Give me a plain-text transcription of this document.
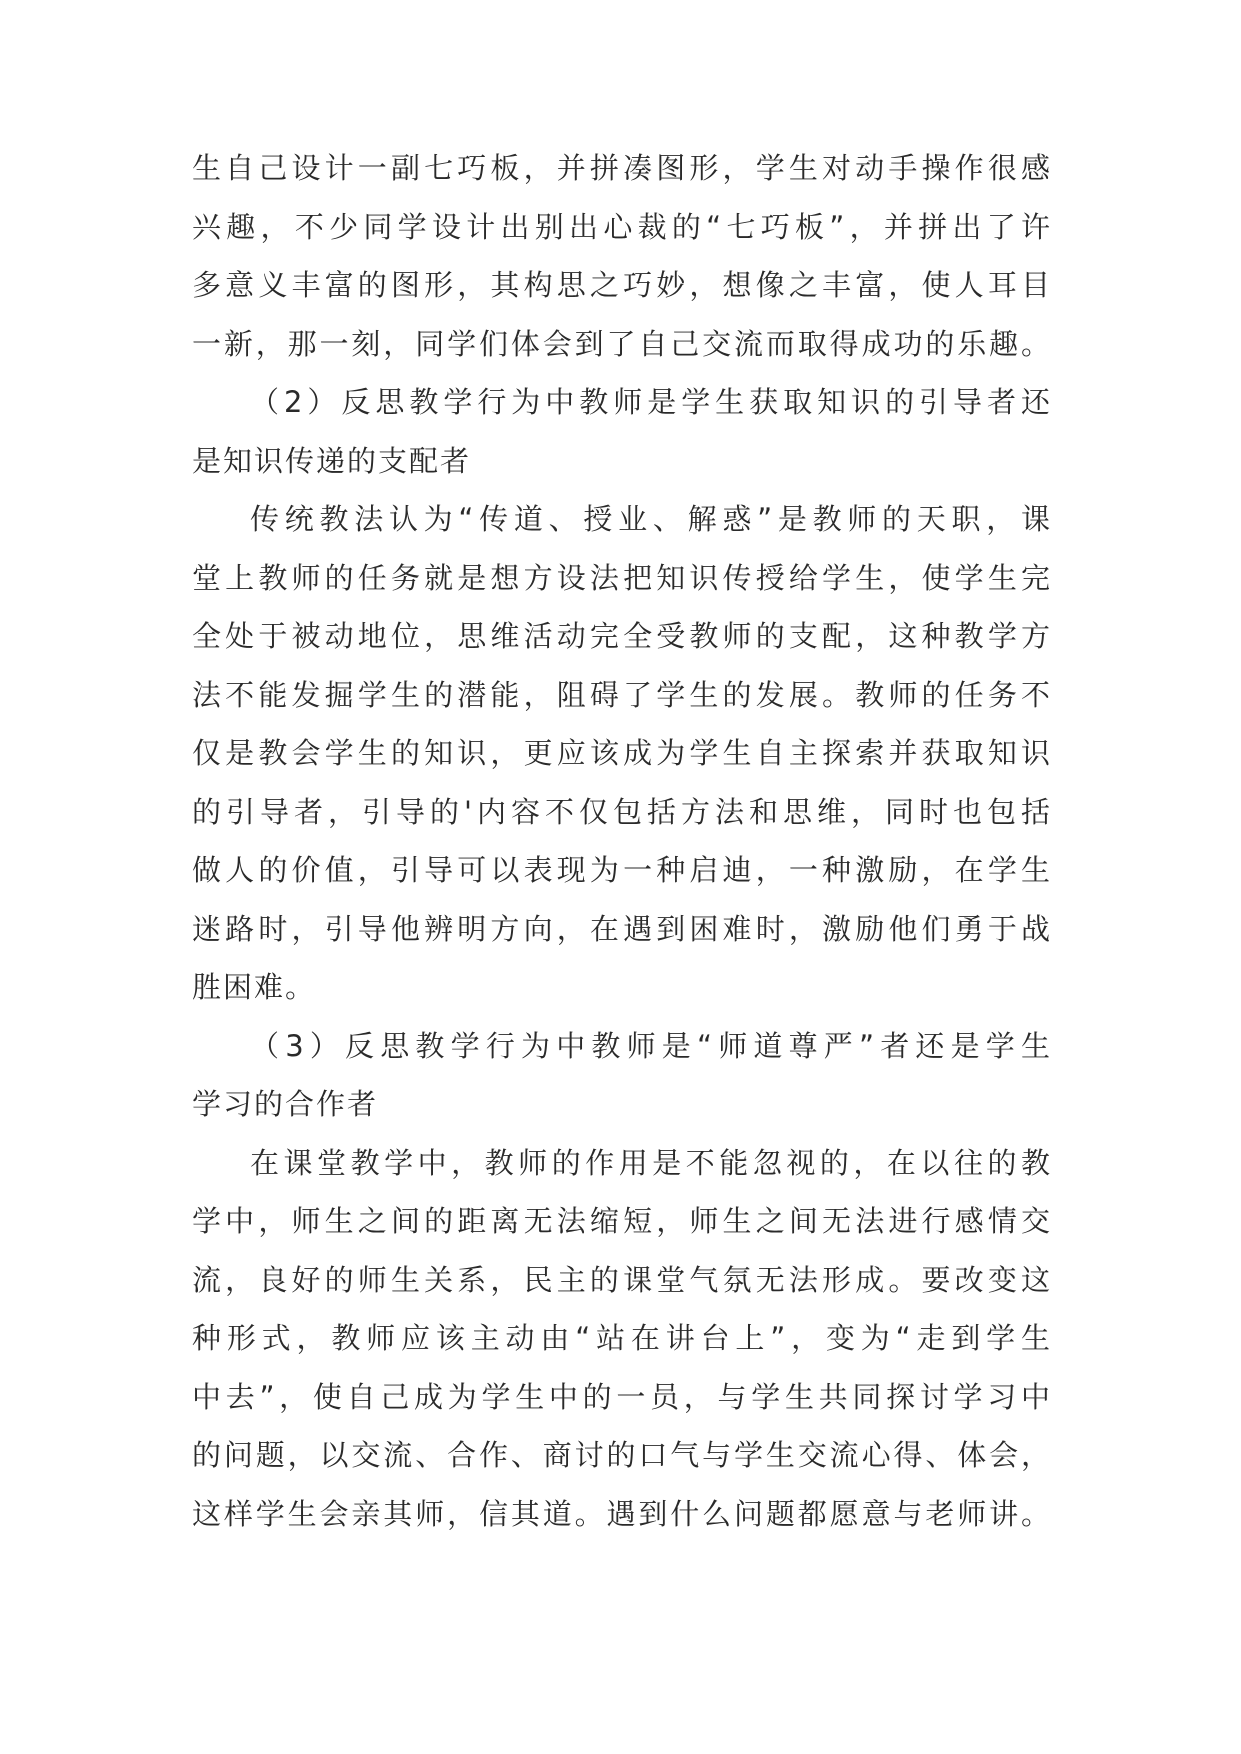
生自己设计一副七巧板，并拼凑图形，学生对动手操作很感
兴趣，不少同学设计出别出心裁的“七巧板”，并拼出了许
多意义丰富的图形，其构思之巧妙，想像之丰富，使人耳目
一新，那一刻，同学们体会到了自己交流而取得成功的乐趣。
（2）反思教学行为中教师是学生获取知识的引导者还
是知识传递的支配者
传统教法认为“传道、授业、解惑”是教师的天职，课
堂上教师的任务就是想方设法把知识传授给学生，使学生完
全处于被动地位，思维活动完全受教师的支配，这种教学方
法不能发掘学生的潜能，阻碍了学生的发展。教师的任务不
仅是教会学生的知识，更应该成为学生自主探索并获取知识
的引导者，引导的'内容不仅包括方法和思维，同时也包括
做人的价值，引导可以表现为一种启迪，一种激励，在学生
迷路时，引导他辨明方向，在遇到困难时，激励他们勇于战
胜困难。
（3）反思教学行为中教师是“师道尊严”者还是学生
学习的合作者
在课堂教学中，教师的作用是不能忽视的，在以往的教
学中，师生之间的距离无法缩短，师生之间无法进行感情交
流，良好的师生关系，民主的课堂气氛无法形成。要改变这
种形式，教师应该主动由“站在讲台上”，变为“走到学生
中去”，使自己成为学生中的一员，与学生共同探讨学习中
的问题，以交流、合作、商讨的口气与学生交流心得、体会，
这样学生会亲其师，信其道。遇到什么问题都愿意与老师讲。
